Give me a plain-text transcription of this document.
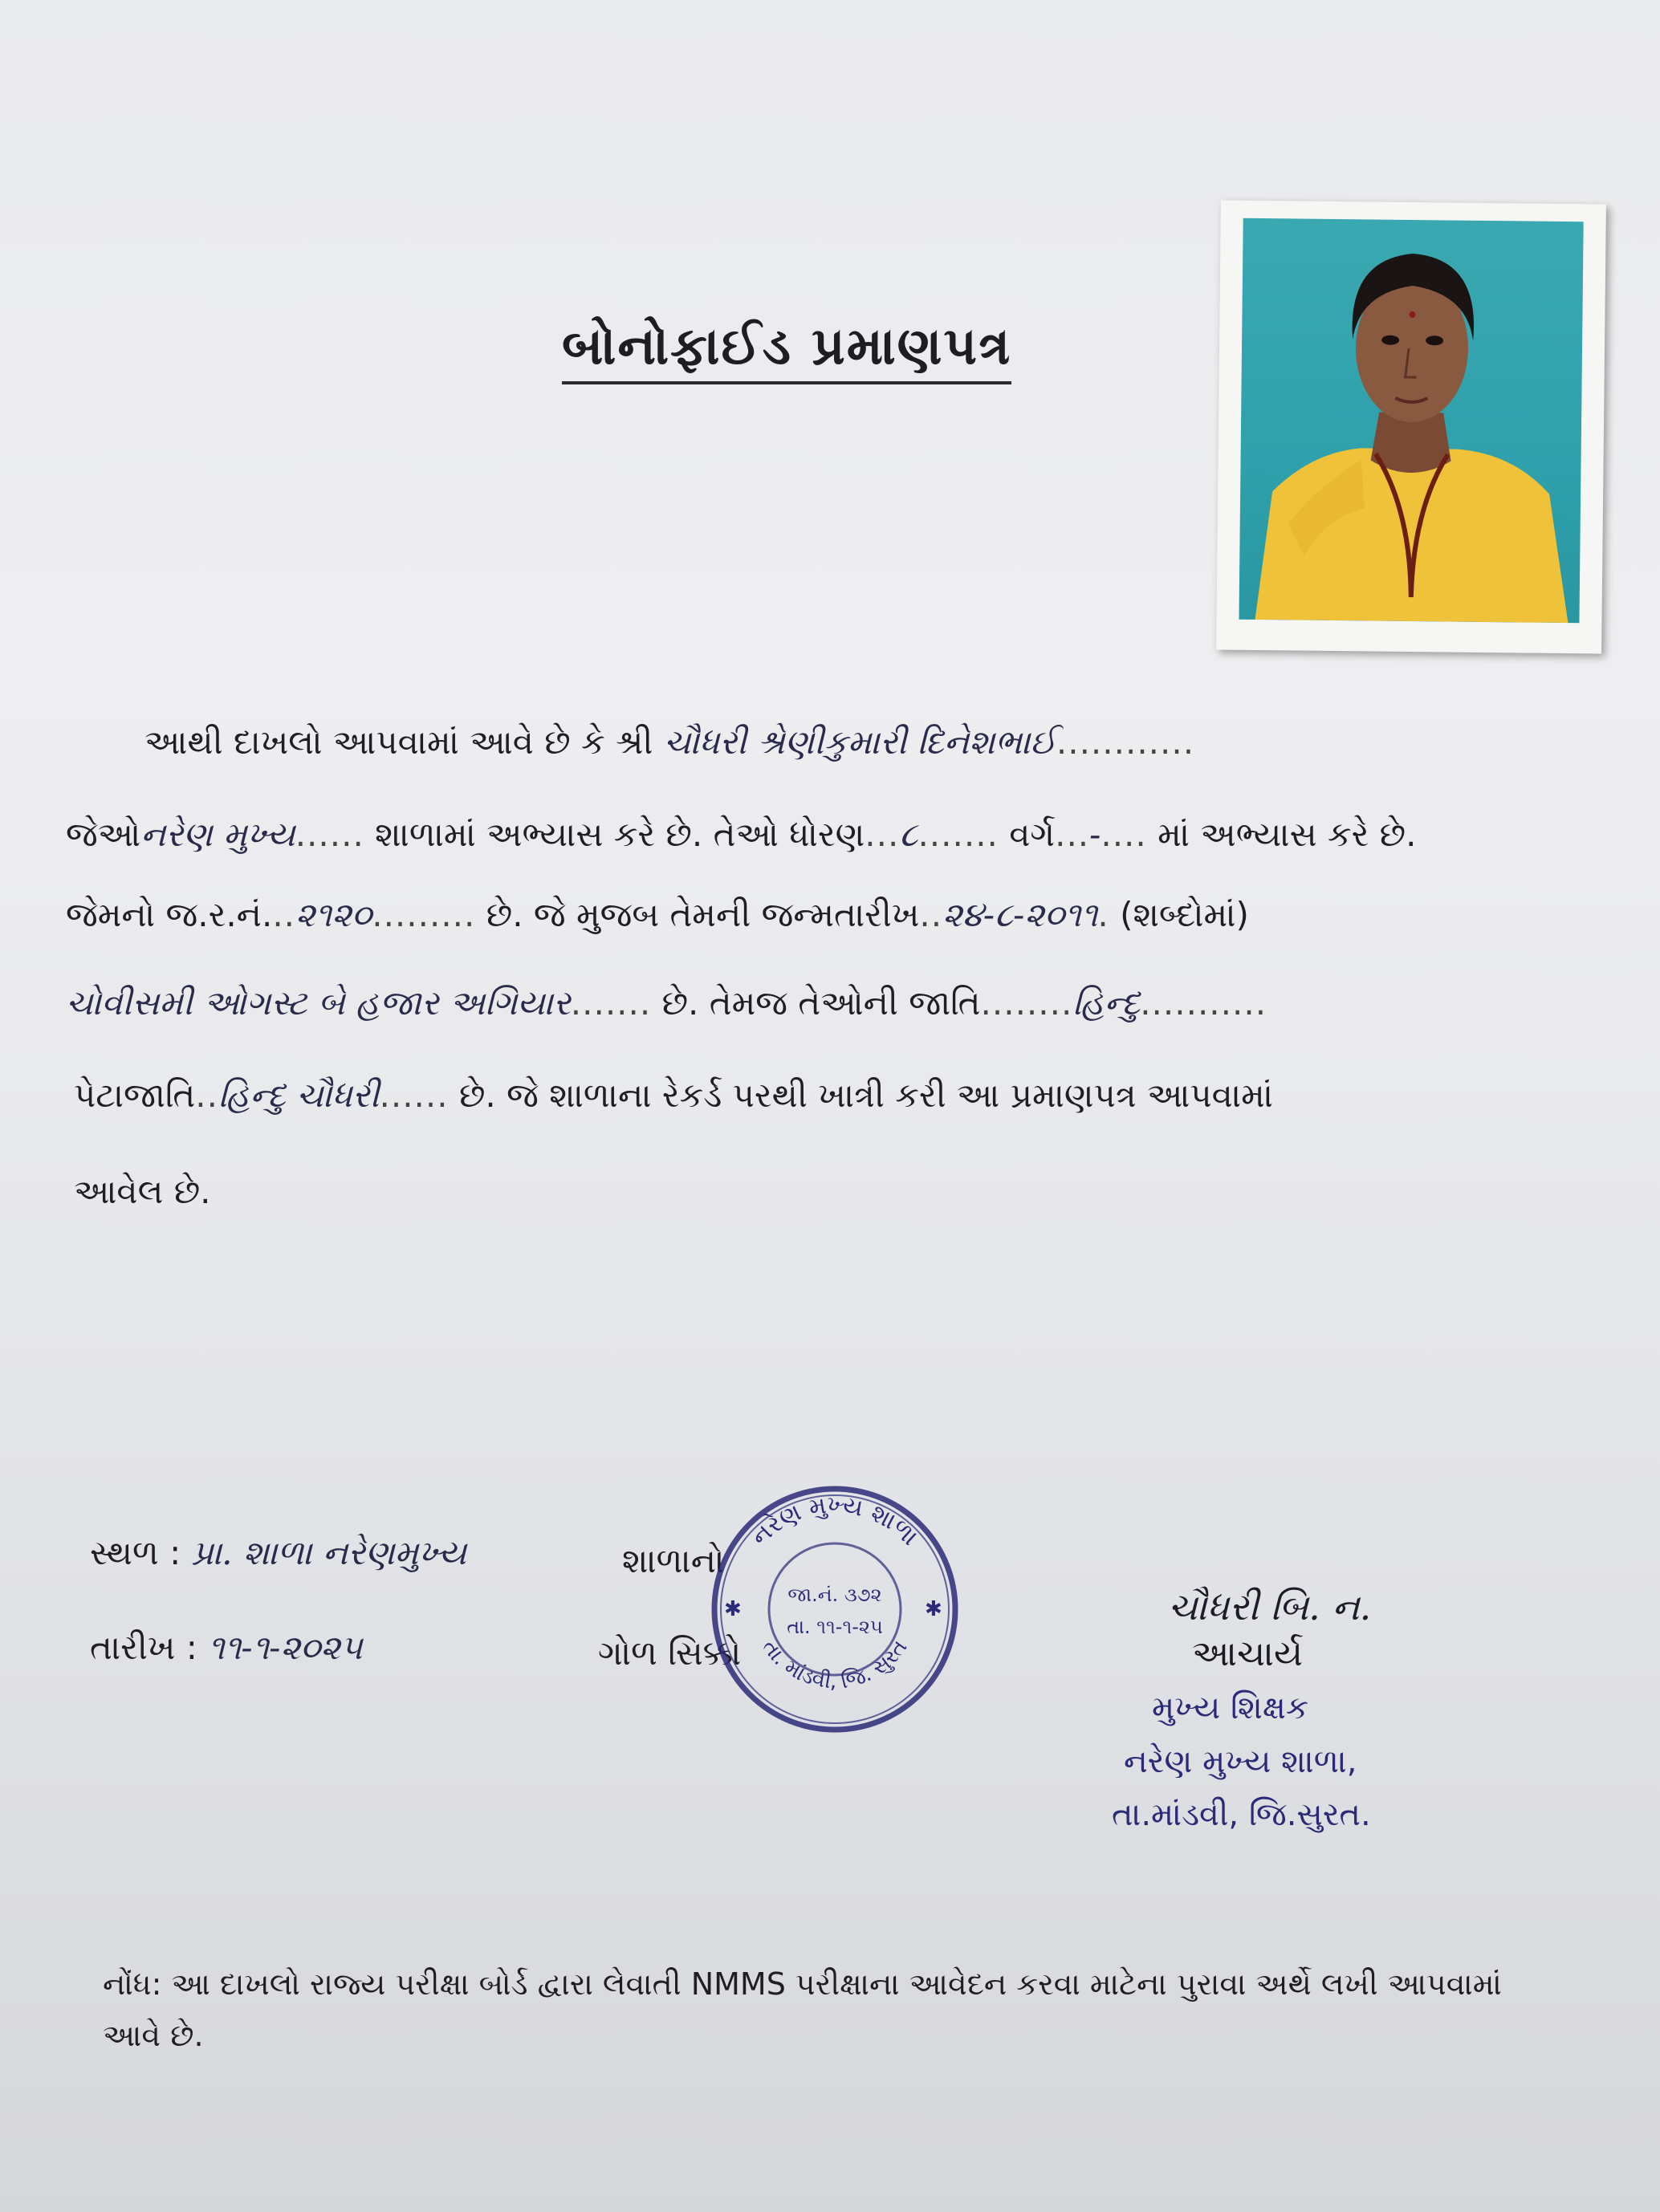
બોનોફાઈડ પ્રમાણપત્ર
આથી દાખલો આપવામાં આવે છે કે શ્રી ચૌધરી શ્રેણીકુમારી દિનેશભાઈ............
જેઓનરેણ મુખ્ય...... શાળામાં અભ્યાસ કરે છે. તેઓ ધોરણ...૮....... વર્ગ...-.... માં અભ્યાસ કરે છે.
જેમનો જ.ર.નં...૨૧૨૦......... છે. જે મુજબ તેમની જન્મતારીખ..૨૪-૮-૨૦૧૧. (શબ્દોમાં)
ચોવીસમી ઓગસ્ટ બે હજાર અગિયાર....... છે. તેમજ તેઓની જાતિ........હિન્દુ...........
પેટાજાતિ..હિન્દુ ચૌધરી...... છે. જે શાળાના રેકર્ડ પરથી ખાત્રી કરી આ પ્રમાણપત્ર આપવામાં
આવેલ છે.
સ્થળ : પ્રા. શાળા નરેણમુખ્ય
તારીખ : ૧૧-૧-૨૦૨૫
શાળાનો
ગોળ સિક્કો
નરેણ મુખ્ય શાળા
તા. માંડવી, જિ. સુરત
જા.નં. ૩૭૨
તા. ૧૧-૧-૨૫
✱	✱	ચૌધરી બિ. ન.
આચાર્ય
મુખ્ય શિક્ષક
નરેણ મુખ્ય શાળા,
તા.માંડવી, જિ.સુરત.
નોંધ: આ દાખલો રાજ્ય પરીક્ષા બોર્ડ દ્વારા લેવાતી NMMS પરીક્ષાના આવેદન કરવા માટેના પુરાવા અર્થે લખી આપવામાં આવે છે.
